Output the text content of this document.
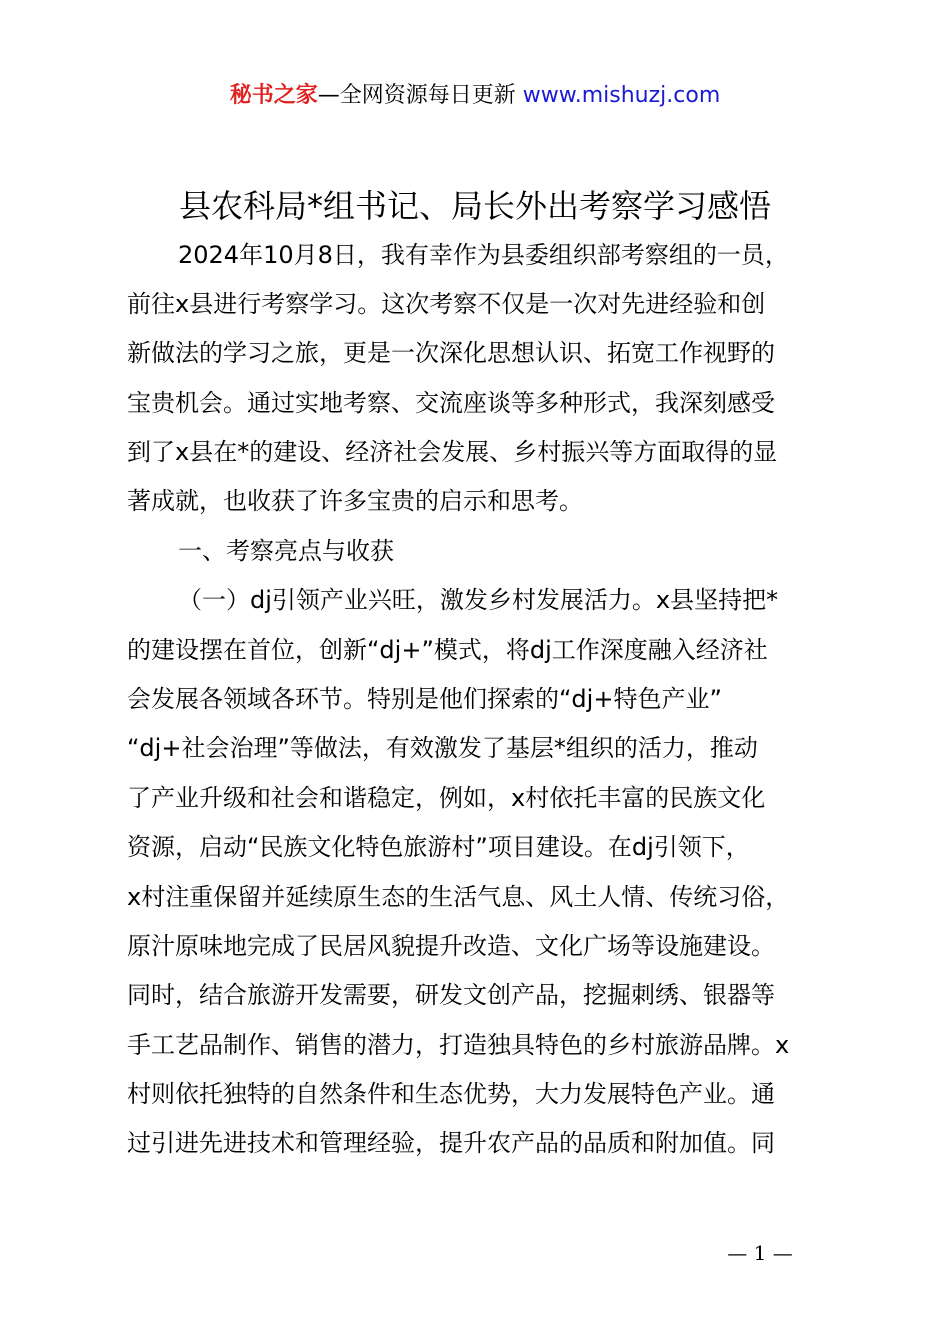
秘书之家—全网资源每日更新 www.mishuzj.com
县农科局*组书记、局长外出考察学习感悟
2024年10月8日，我有幸作为县委组织部考察组的一员，
前往x县进行考察学习。这次考察不仅是一次对先进经验和创
新做法的学习之旅，更是一次深化思想认识、拓宽工作视野的
宝贵机会。通过实地考察、交流座谈等多种形式，我深刻感受
到了x县在*的建设、经济社会发展、乡村振兴等方面取得的显
著成就，也收获了许多宝贵的启示和思考。
一、考察亮点与收获
（一）dj引领产业兴旺，激发乡村发展活力。x县坚持把*
的建设摆在首位，创新“dj+”模式，将dj工作深度融入经济社
会发展各领域各环节。特别是他们探索的“dj+特色产业”
“dj+社会治理”等做法，有效激发了基层*组织的活力，推动
了产业升级和社会和谐稳定，例如，x村依托丰富的民族文化
资源，启动“民族文化特色旅游村”项目建设。在dj引领下，
x村注重保留并延续原生态的生活气息、风土人情、传统习俗，
原汁原味地完成了民居风貌提升改造、文化广场等设施建设。
同时，结合旅游开发需要，研发文创产品，挖掘刺绣、银器等
手工艺品制作、销售的潜力，打造独具特色的乡村旅游品牌。x
村则依托独特的自然条件和生态优势，大力发展特色产业。通
过引进先进技术和管理经验，提升农产品的品质和附加值。同
— 1 —
